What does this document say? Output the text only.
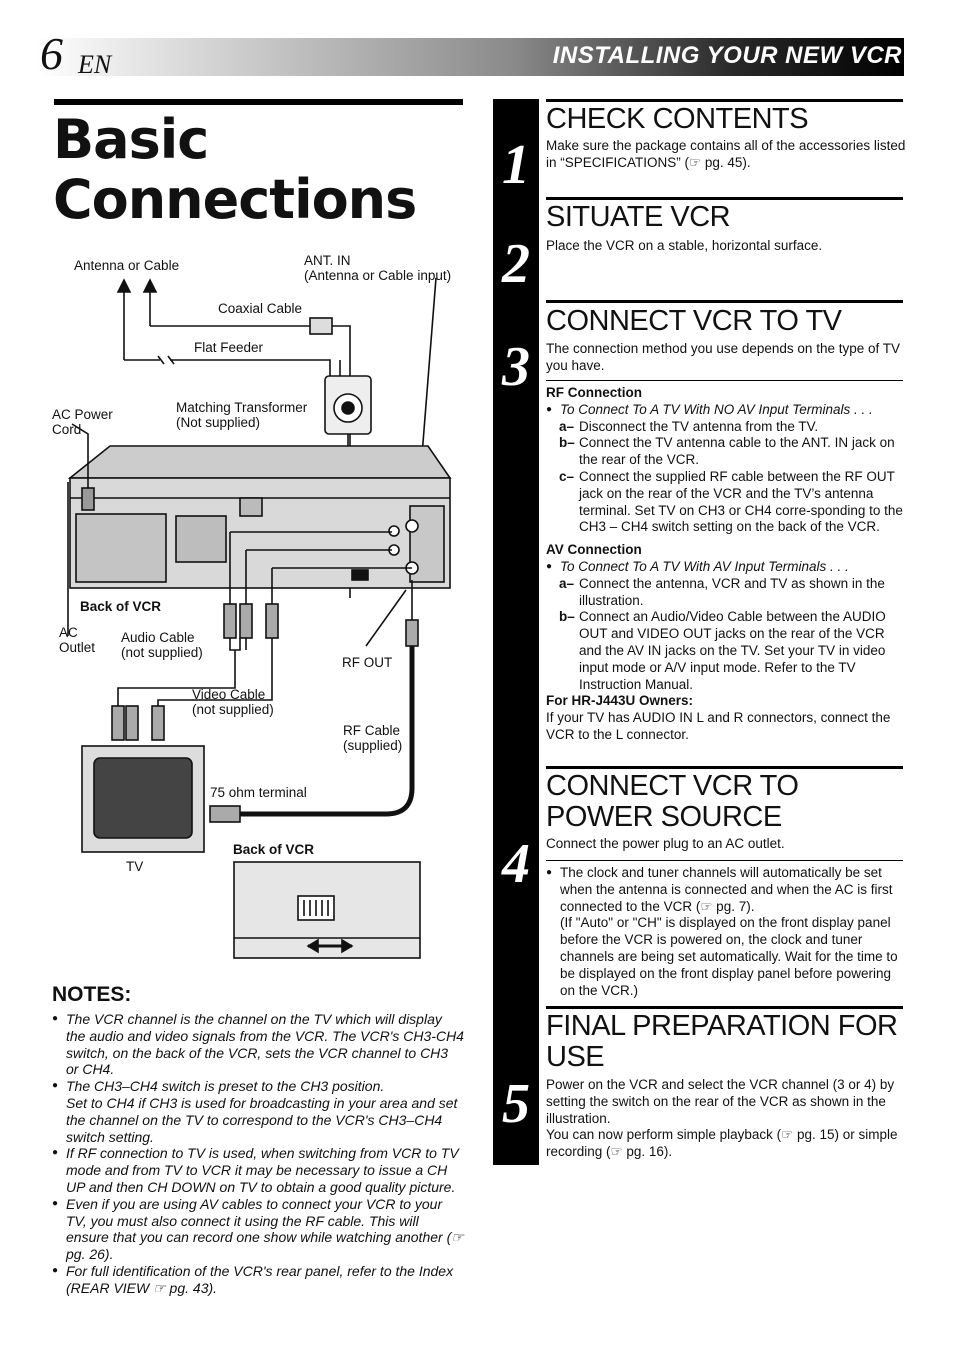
6 EN	INSTALLING YOUR NEW VCR
Basic
Connections
Antenna or Cable	ANT. IN
(Antenna or Cable input)
Coaxial Cable
Flat Feeder
AC Power
Cord
Matching Transformer
(Not supplied)
Back of VCR
AC
Outlet
Audio Cable
(not supplied)
RF OUT
Video Cable
(not supplied)
RF Cable
(supplied)
75 ohm terminal
TV
Back of VCR
NOTES:

● The VCR channel is the channel on the TV which will display the audio and video signals from the VCR. The VCR's CH3-CH4 switch, on the back of the VCR, sets the VCR channel to CH3 or CH4.

● The CH3–CH4 switch is preset to the CH3 position.
Set to CH4 if CH3 is used for broadcasting in your area and set the channel on the TV to correspond to the VCR's CH3–CH4 switch setting.

● If RF connection to TV is used, when switching from VCR to TV mode and from TV to VCR it may be necessary to issue a CH UP and then CH DOWN on TV to obtain a good quality picture.

● Even if you are using AV cables to connect your VCR to your TV, you must also connect it using the RF cable. This will ensure that you can record one show while watching another (☞ pg. 26).

● For full identification of the VCR's rear panel, refer to the Index (REAR VIEW ☞ pg. 43).

1
2
3
4
5
CHECK CONTENTS
Make sure the package contains all of the accessories listed in “SPECIFICATIONS” (☞ pg. 45).
SITUATE VCR
Place the VCR on a stable, horizontal surface.
CONNECT VCR TO TV
The connection method you use depends on the type of TV you have.

RF Connection

● To Connect To A TV With NO AV Input Terminals . . .

a– Disconnect the TV antenna from the TV.

b– Connect the TV antenna cable to the ANT. IN jack on the rear of the VCR.

c– Connect the supplied RF cable between the RF OUT jack on the rear of the VCR and the TV’s antenna terminal. Set TV on CH3 or CH4 corre-sponding to the CH3 – CH4 switch setting on the back of the VCR.

AV Connection

● To Connect To A TV With AV Input Terminals . . .

a– Connect the antenna, VCR and TV as shown in the illustration.

b– Connect an Audio/Video Cable between the AUDIO OUT and VIDEO OUT jacks on the rear of the VCR and the AV IN jacks on the TV. Set your TV in video input mode or A/V input mode. Refer to the TV Instruction Manual.

For HR-J443U Owners:

If your TV has AUDIO IN L and R connectors, connect the VCR to the L connector.

CONNECT VCR TO
POWER SOURCE
Connect the power plug to an AC outlet.

● The clock and tuner channels will automatically be set when the antenna is connected and when the AC is first connected to the VCR (☞ pg. 7).
(If "Auto" or "CH" is displayed on the front display panel before the VCR is powered on, the clock and tuner channels are being set automatically. Wait for the time to be displayed on the front display panel before powering on the VCR.)

FINAL PREPARATION FOR
USE

Power on the VCR and select the VCR channel (3 or 4) by setting the switch on the rear of the VCR as shown in the illustration.

You can now perform simple playback (☞ pg. 15) or simple recording (☞ pg. 16).
